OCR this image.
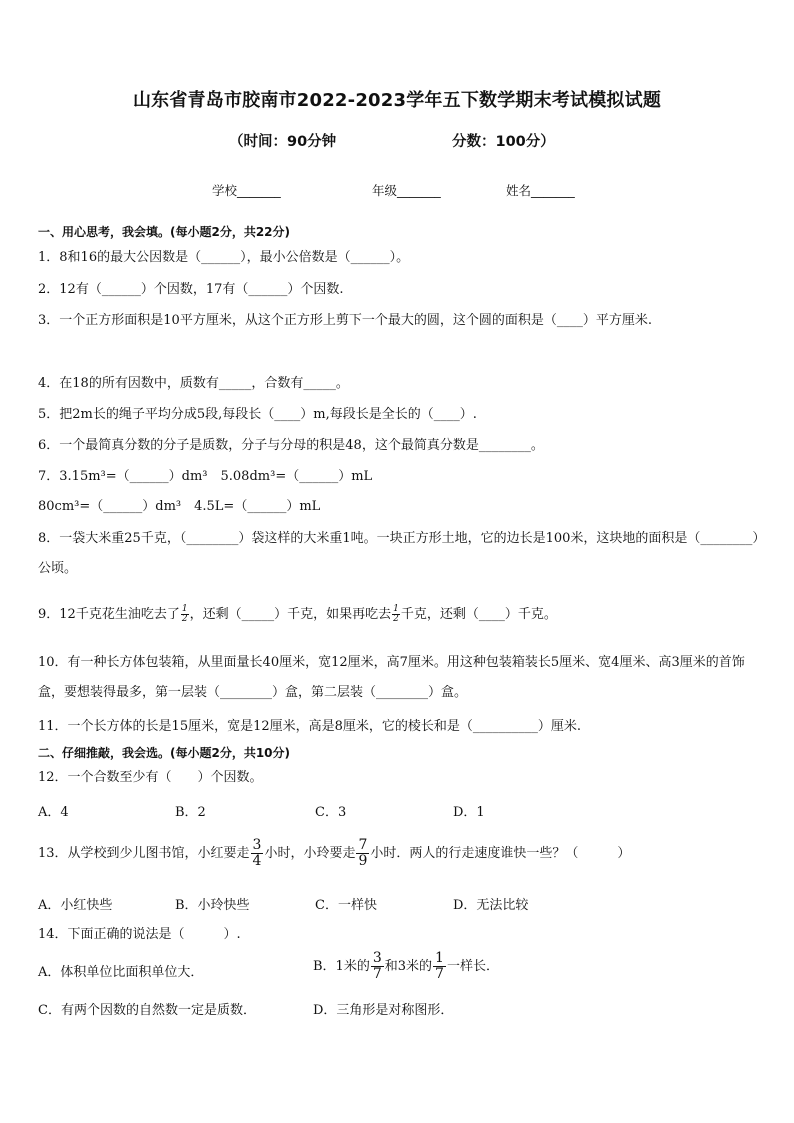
山东省青岛市胶南市2022-2023学年五下数学期末考试模拟试题
（时间：90分钟	分数：100分）
学校_______	年级_______	姓名_______
一、用心思考，我会填。(每小题2分，共22分)
1．8和16的最大公因数是（______），最小公倍数是（______）。
2．12有（______）个因数，17有（______）个因数.
3．一个正方形面积是10平方厘米，从这个正方形上剪下一个最大的圆，这个圆的面积是（____）平方厘米.
4．在18的所有因数中，质数有_____，合数有_____。
5．把2m长的绳子平均分成5段,每段长（____）m,每段长是全长的（____）.
6．一个最简真分数的分子是质数，分子与分母的积是48，这个最简真分数是________。
7．3.15m³=（______）dm³　5.08dm³=（______）mL
80cm³=（______）dm³　4.5L=（______）mL
8．一袋大米重25千克，（________）袋这样的大米重1吨。一块正方形土地，它的边长是100米，这块地的面积是（________）公顷。
9．12千克花生油吃去了 $\frac{1}{2}$ ，还剩（_____）千克，如果再吃去 $\frac{1}{2}$ 千克，还剩（____）千克。
10．有一种长方体包装箱，从里面量长40厘米，宽12厘米，高7厘米。用这种包装箱装长5厘米、宽4厘米、高3厘米的首饰盒，要想装得最多，第一层装（________）盒，第二层装（________）盒。
11．一个长方体的长是15厘米，宽是12厘米，高是8厘米，它的棱长和是（__________）厘米.
二、仔细推敲，我会选。(每小题2分，共10分)
12．一个合数至少有（　　）个因数。
A．4	B．2	C．3	D．1
13．从学校到少儿图书馆，小红要走 $\frac{3}{4}$ 小时，小玲要走 $\frac{7}{9}$ 小时．两人的行走速度谁快一些？（　　　）
A．小红快些	B．小玲快些	C．一样快	D．无法比较
14．下面正确的说法是（　　　）.
A．体积单位比面积单位大．	B．1米的 $\frac{3}{7}$ 和3米的 $\frac{1}{7}$ 一样长．
C．有两个因数的自然数一定是质数．	D．三角形是对称图形．
